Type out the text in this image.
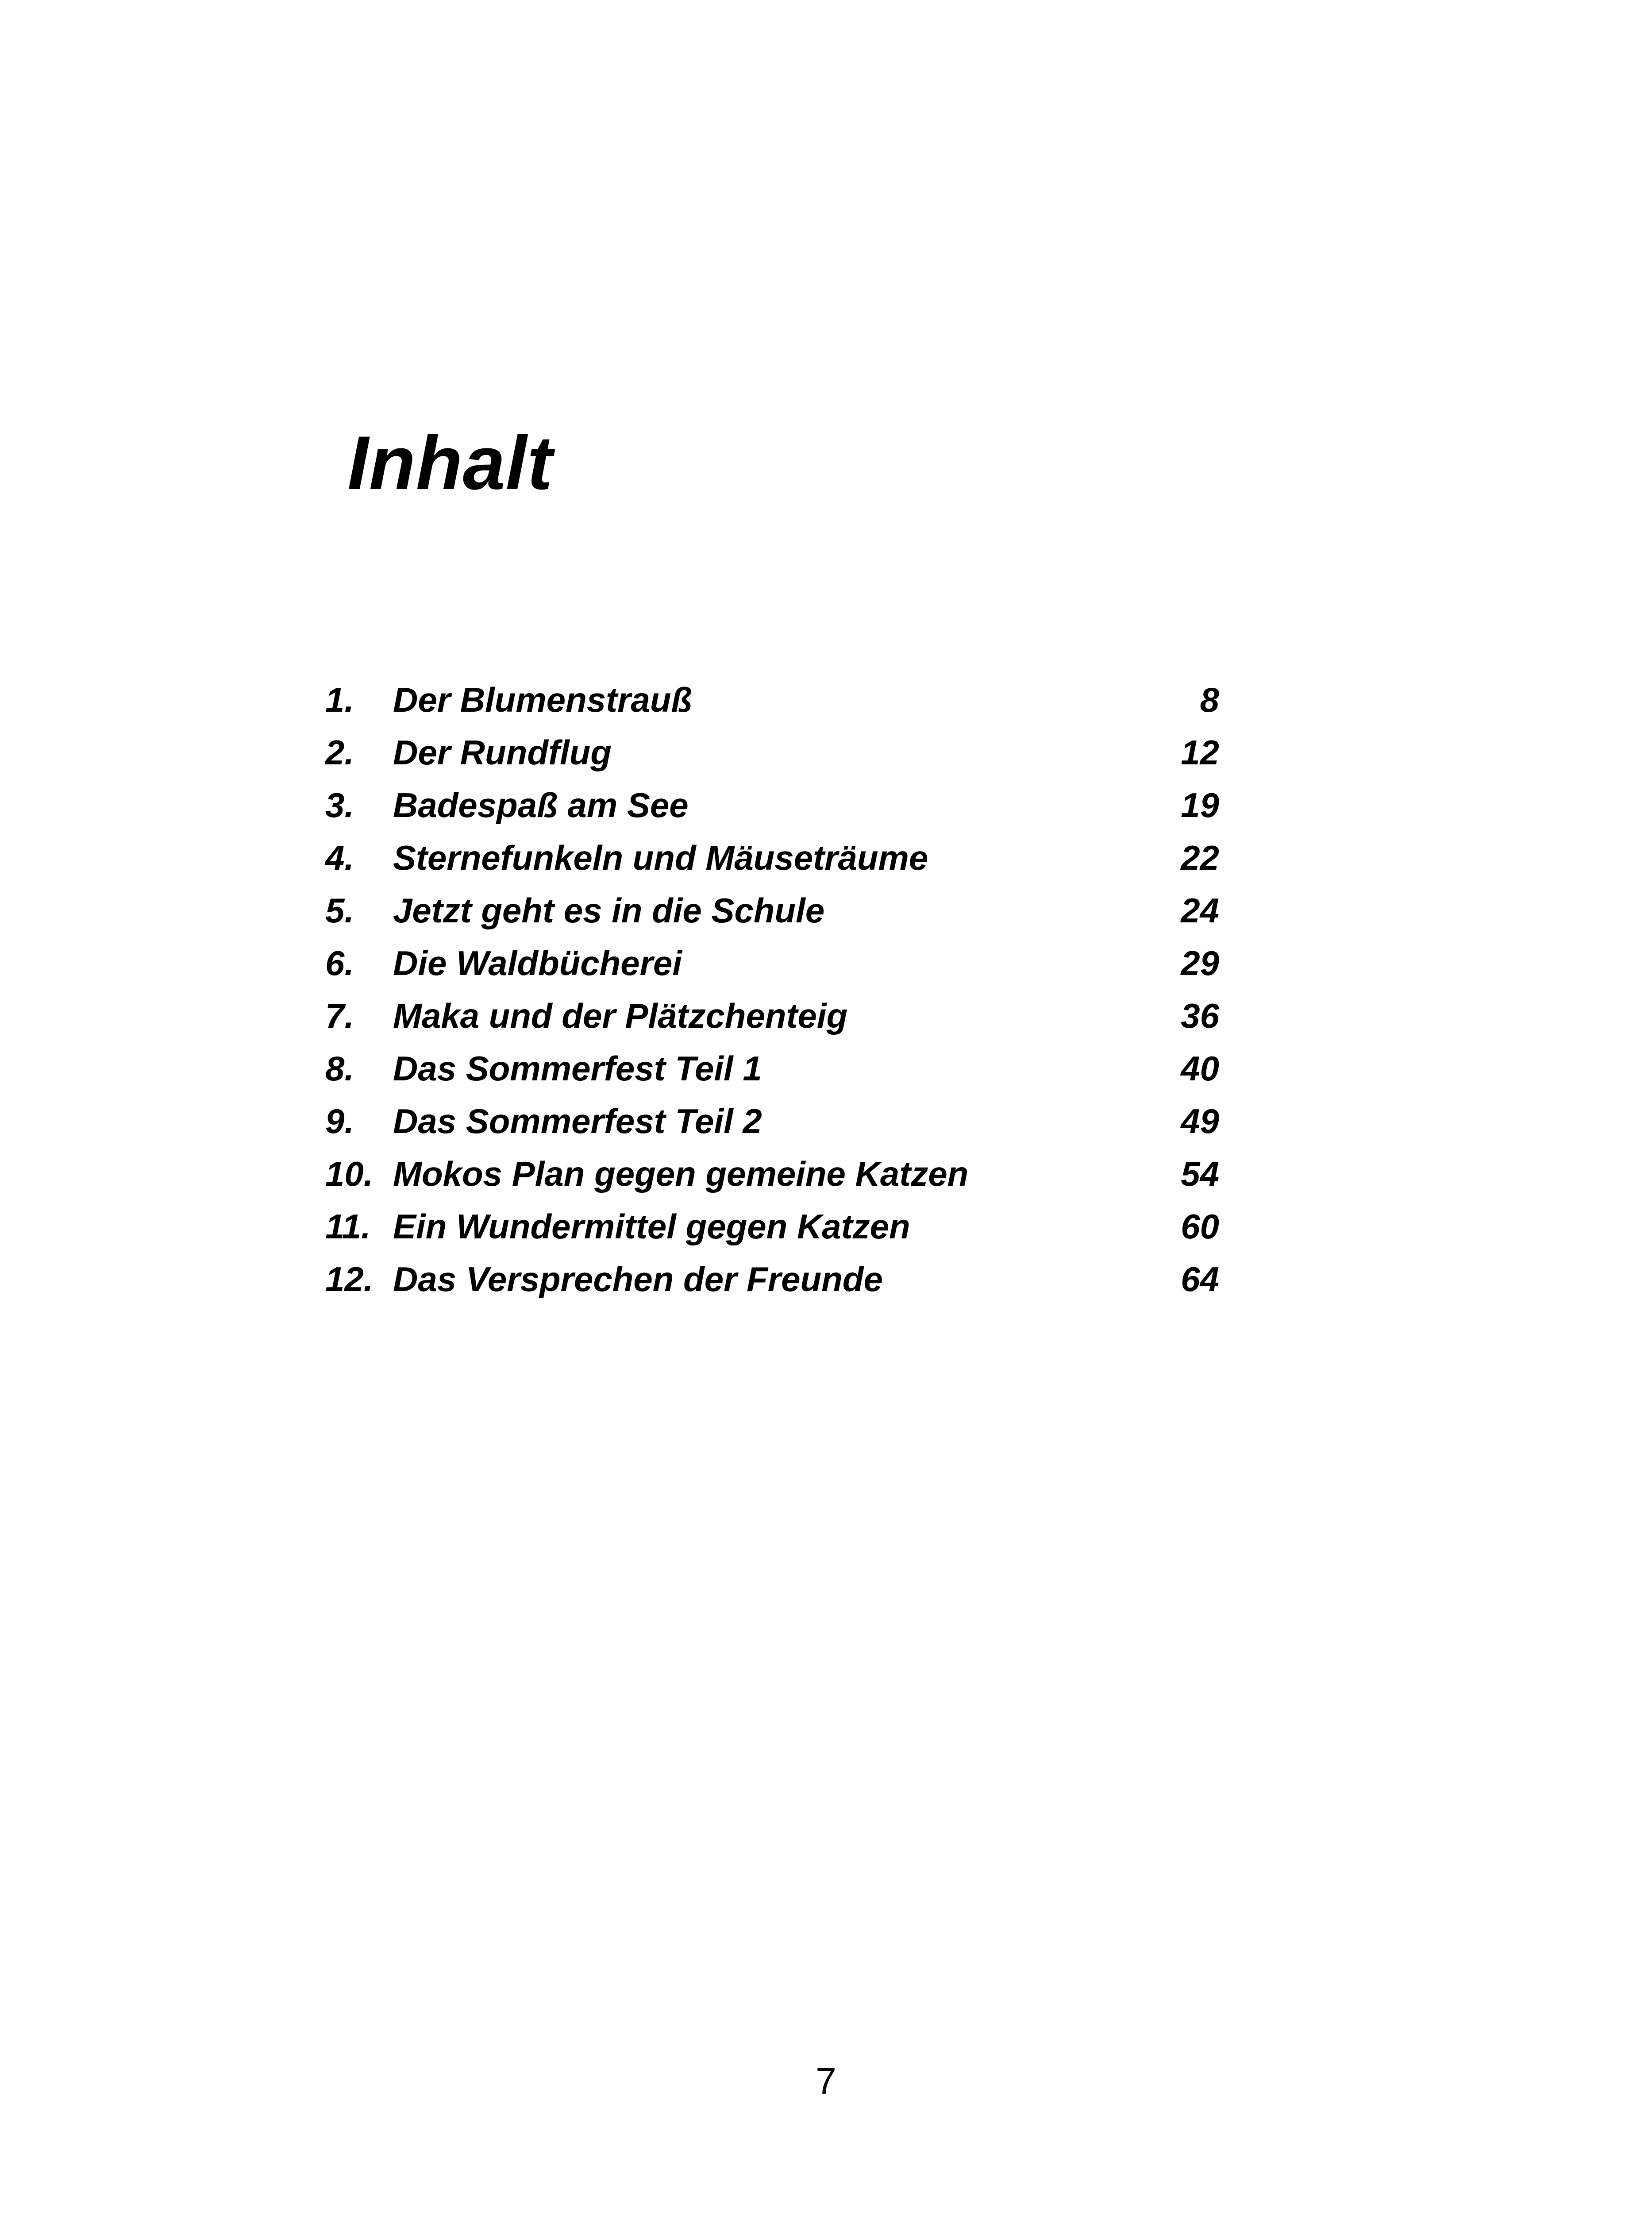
Inhalt
1. Der Blumenstrauß	8
2. Der Rundflug	12
3. Badespaß am See	19
4. Sternefunkeln und Mäuseträume	22
5. Jetzt geht es in die Schule	24
6. Die Waldbücherei	29
7. Maka und der Plätzchenteig	36
8. Das Sommerfest Teil 1	40
9. Das Sommerfest Teil 2	49
10. Mokos Plan gegen gemeine Katzen	54
11. Ein Wundermittel gegen Katzen	60
12. Das Versprechen der Freunde	64
7
